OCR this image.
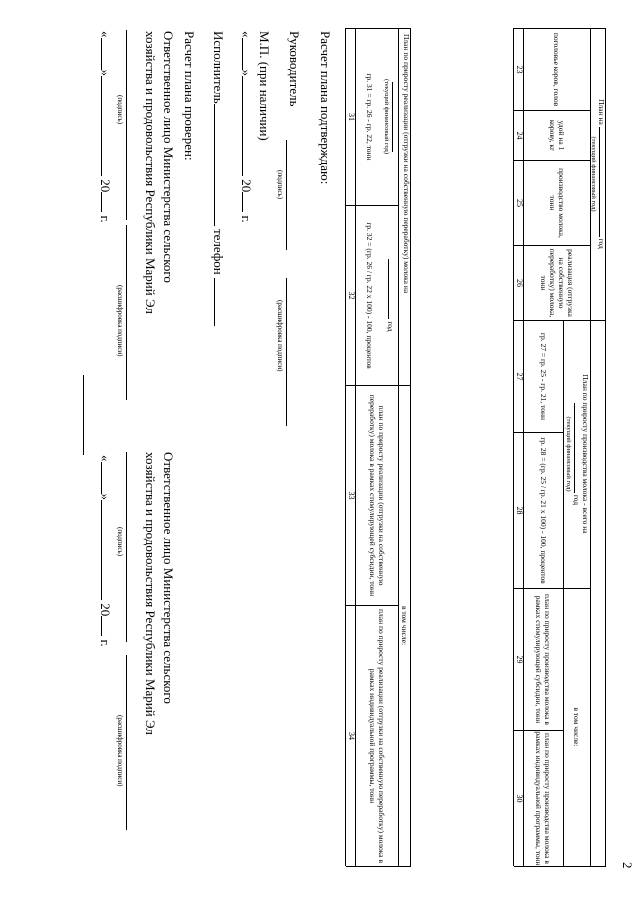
2
План на  год
(текущий финансовый год)
План по приросту производства молока - всего на
год
(текущий финансовый год)
в том числе:
поголовье коров, голов
удой на 1 корову, кг
производство молока, тонн
реализация (отгрузка на собственную переработку) молока, тонн
гр. 27 = гр. 25 - гр. 21, тонн
гр. 28 = (гр. 25 / гр. 21 x 100) - 100, процентов
план по приросту производства молока в рамках стимулирующей субсидии, тонн
план по приросту производства молока в рамках индивидуальной программы, тонн
23
24
25
26
27
28
29
30
План по приросту реализации (отгрузки на собственную переработку) молока на
(текущий финансовый год)
год
в том числе:
гр. 31 = гр. 26 - гр. 22, тонн
гр. 32 = (гр. 26 / гр. 22 x 100) - 100, процентов
план по приросту реализации (отгрузки на собственную переработку) молока в рамках стимулирующей субсидии, тонн
план по приросту реализации (отгрузки на собственную переработку) молока в рамках индивидуальной программы, тонн
31
32
33
34
Расчет плана подтверждаю:
Руководитель
(подпись)
(расшифровка подписи)
М.П. (при наличии)
«» 20 г.
Исполнитель телефон
Расчет плана проверен:
Ответственное лицо Министерства сельского
хозяйства и продовольствия Республики Марий Эл
(подпись)
(расшифровка подписи)
«» 20 г.
Ответственное лицо Министерства сельского
хозяйства и продовольствия Республики Марий Эл
(подпись)
(расшифровка подписи)
«» 20 г.
